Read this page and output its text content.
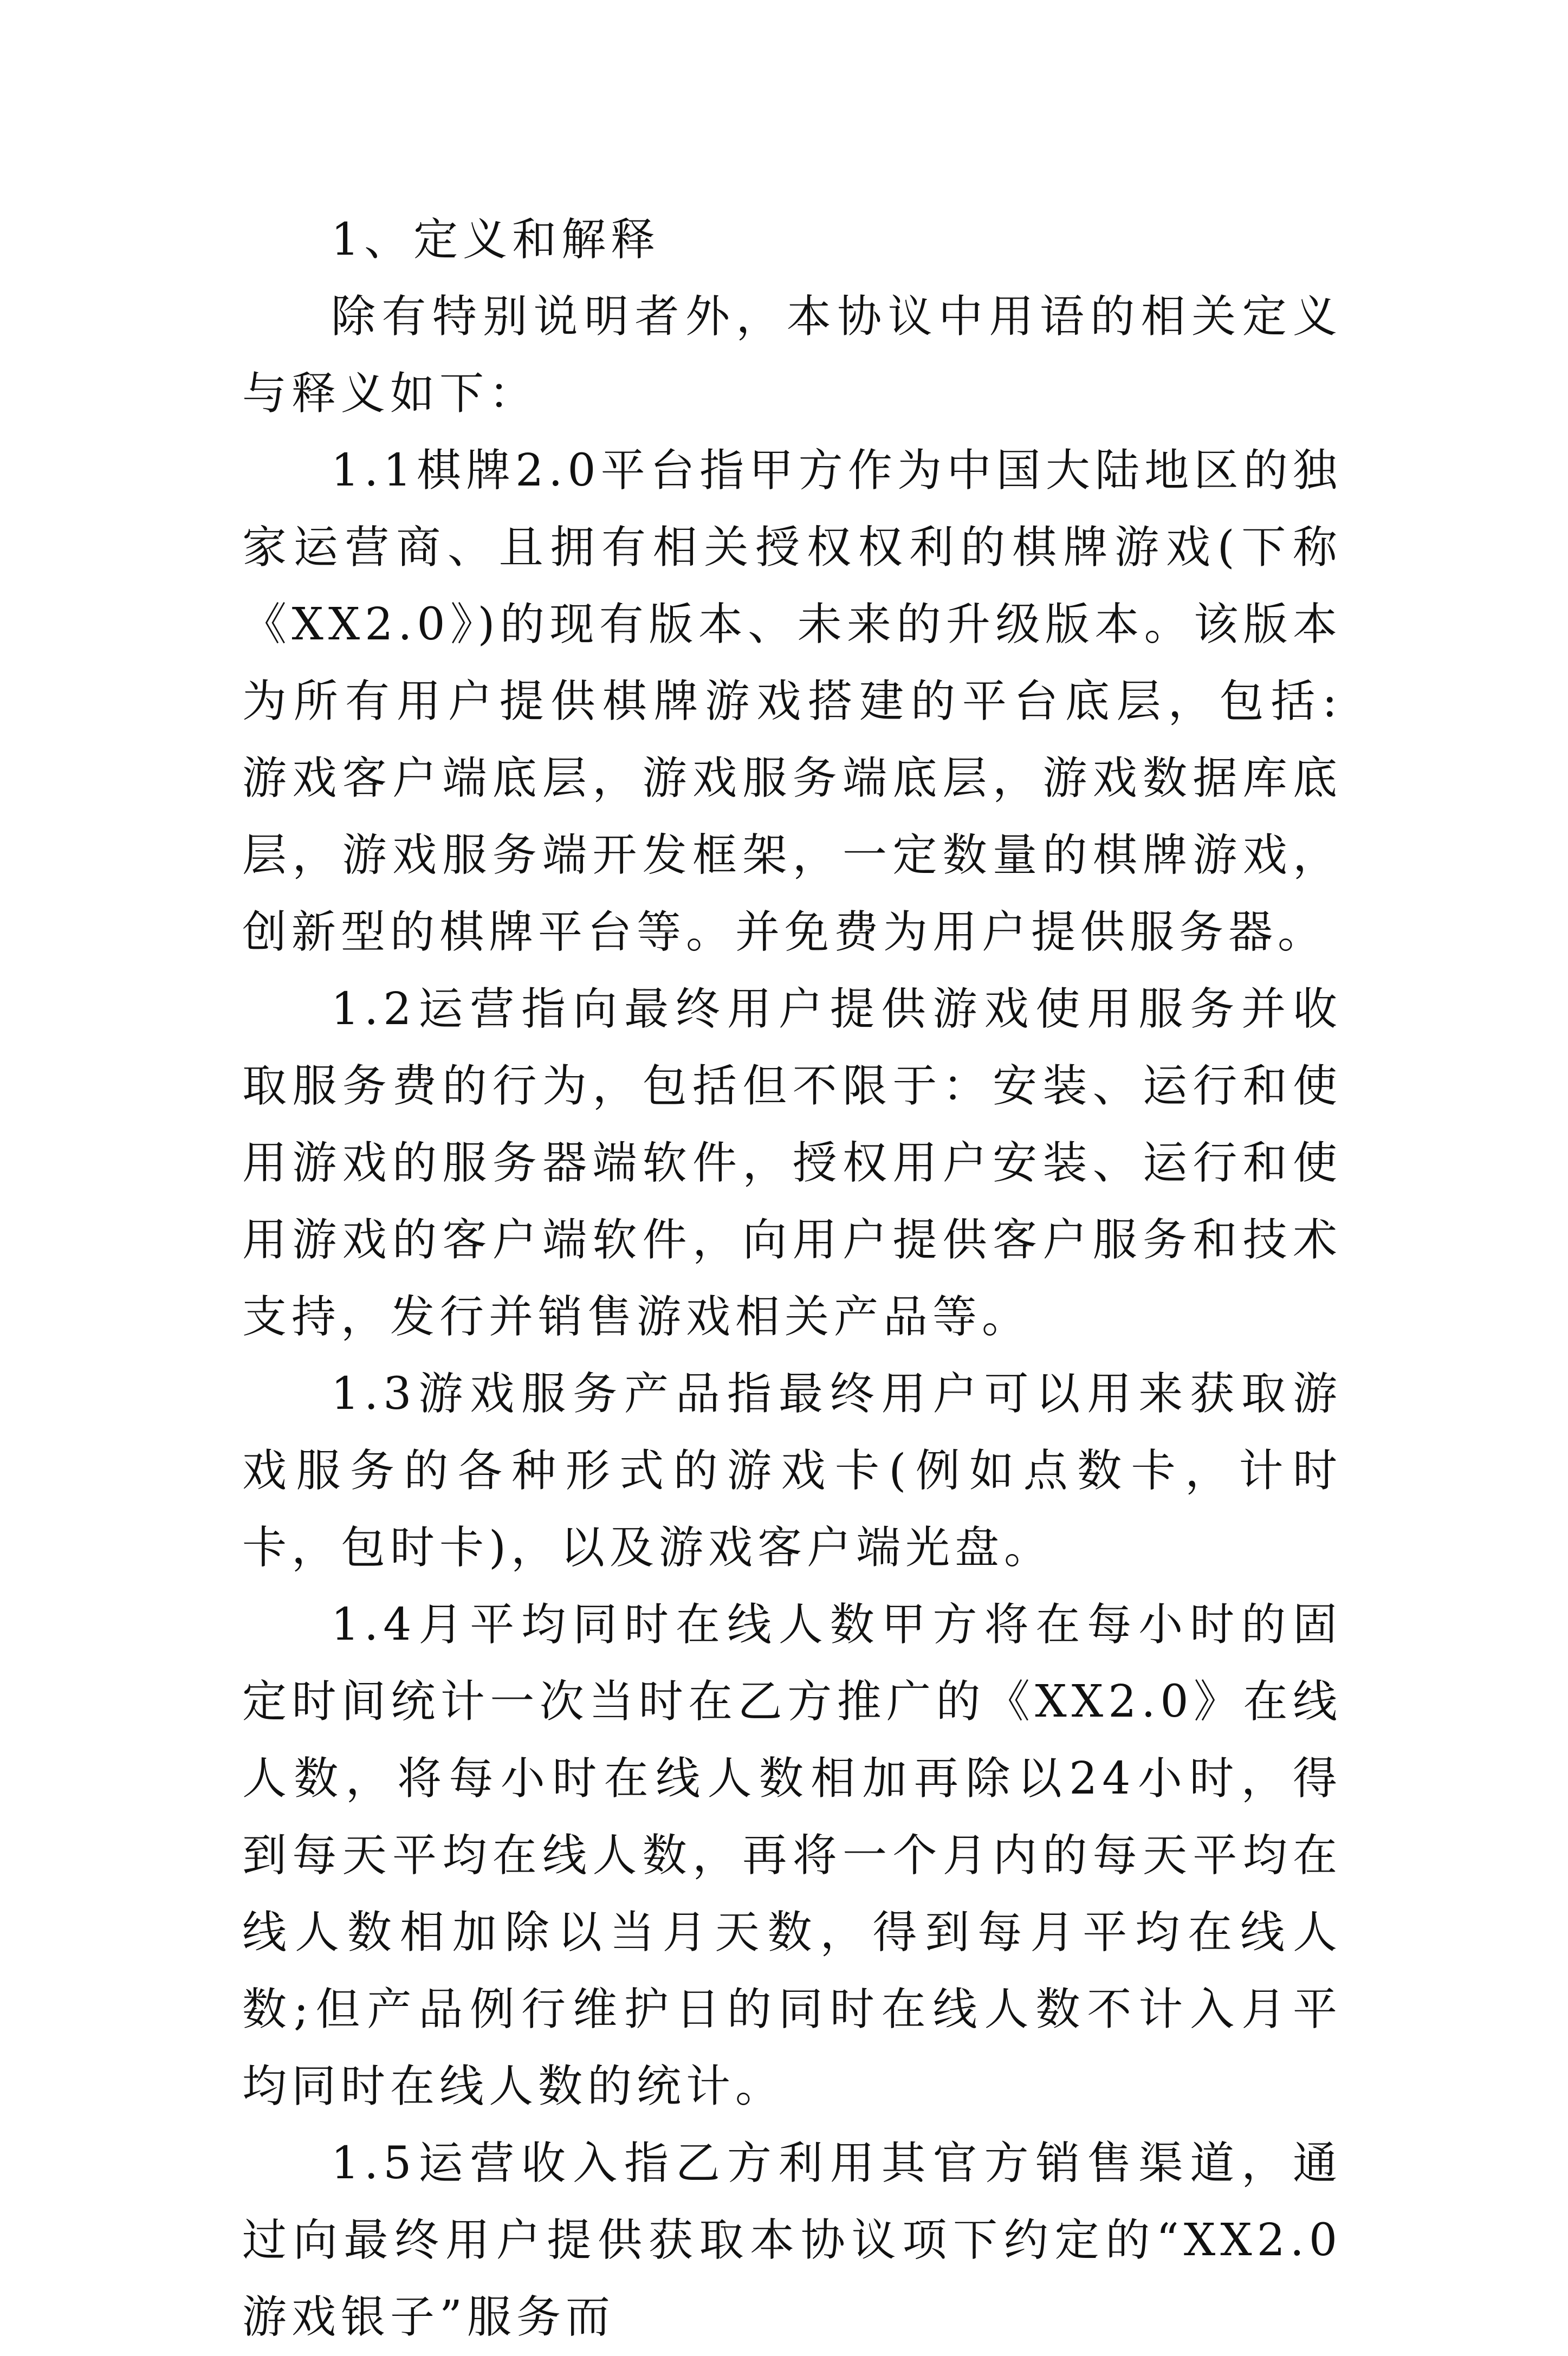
1、定义和解释

除有特别说明者外，本协议中用语的相关定义与释义如下：

1.1棋牌2.0平台指甲方作为中国大陆地区的独家运营商、且拥有相关授权权利的棋牌游戏(下称《XX2.0》)的现有版本、未来的升级版本。该版本为所有用户提供棋牌游戏搭建的平台底层，包括:游戏客户端底层，游戏服务端底层，游戏数据库底层，游戏服务端开发框架，一定数量的棋牌游戏，创新型的棋牌平台等。并免费为用户提供服务器。

1.2运营指向最终用户提供游戏使用服务并收取服务费的行为，包括但不限于：安装、运行和使用游戏的服务器端软件，授权用户安装、运行和使用游戏的客户端软件，向用户提供客户服务和技术支持，发行并销售游戏相关产品等。

1.3游戏服务产品指最终用户可以用来获取游戏服务的各种形式的游戏卡(例如点数卡，计时卡，包时卡)，以及游戏客户端光盘。

1.4月平均同时在线人数甲方将在每小时的固定时间统计一次当时在乙方推广的《XX2.0》在线人数，将每小时在线人数相加再除以24小时，得到每天平均在线人数，再将一个月内的每天平均在线人数相加除以当月天数，得到每月平均在线人数;但产品例行维护日的同时在线人数不计入月平均同时在线人数的统计。

1.5运营收入指乙方利用其官方销售渠道，通过向最终用户提供获取本协议项下约定的“XX2.0游戏银子”服务而
